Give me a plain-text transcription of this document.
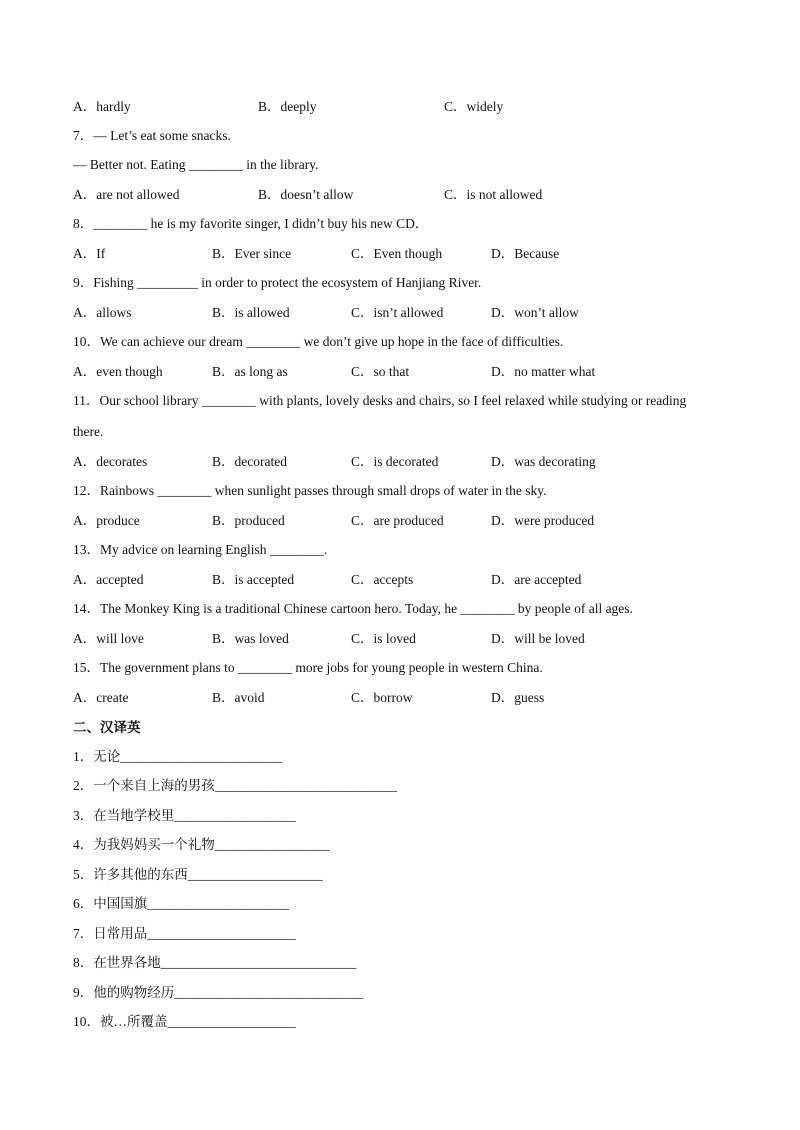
A．hardly	B．deeply	C．widely
7．— Let’s eat some snacks.
— Better not. Eating ________ in the library.
A．are not allowed	B．doesn’t allow	C．is not allowed
8．________ he is my favorite singer, I didn’t buy his new CD．
A．If	B．Ever since	C．Even though	D．Because
9．Fishing _________ in order to protect the ecosystem of Hanjiang River.
A．allows	B．is allowed	C．isn’t allowed	D．won’t allow
10．We can achieve our dream ________ we don’t give up hope in the face of difficulties.
A．even though	B．as long as	C．so that	D．no matter what
11．Our school library ________ with plants, lovely desks and chairs, so I feel relaxed while studying or reading
there.
A．decorates	B．decorated	C．is decorated	D．was decorating
12．Rainbows ________ when sunlight passes through small drops of water in the sky.
A．produce	B．produced	C．are produced	D．were produced
13．My advice on learning English ________.
A．accepted	B．is accepted	C．accepts	D．are accepted
14．The Monkey King is a traditional Chinese cartoon hero. Today, he ________ by people of all ages.
A．will love	B．was loved	C．is loved	D．will be loved
15．The government plans to ________ more jobs for young people in western China.
A．create	B．avoid	C．borrow	D．guess
二、汉译英
1．无论________________________
2．一个来自上海的男孩___________________________
3．在当地学校里__________________
4．为我妈妈买一个礼物_________________
5．许多其他的东西____________________
6．中国国旗_____________________
7．日常用品______________________
8．在世界各地_____________________________
9．他的购物经历____________________________
10．被…所覆盖___________________
